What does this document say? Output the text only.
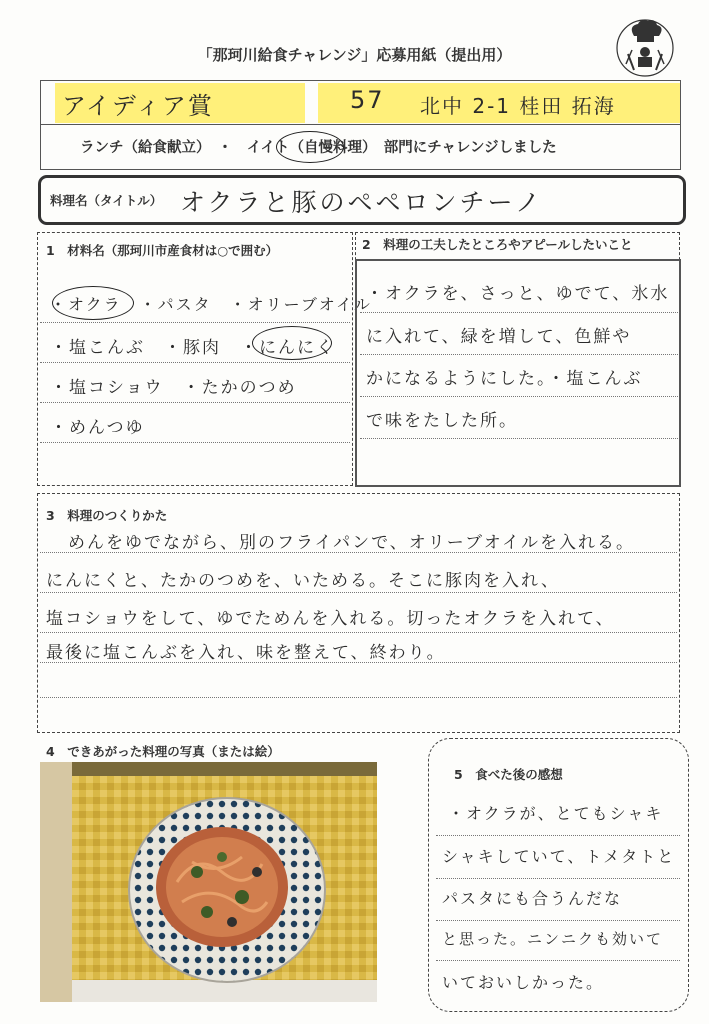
「那珂川給食チャレンジ」応募用紙（提出用）
アイディア賞	57 北中 2-1 桂田 拓海
ランチ（給食献立）　・　イイト（自慢料理）　部門にチャレンジしました
料理名（タイトル） オクラと豚のペペロンチーノ
1　材料名（那珂川市産食材は○で囲む）
・オクラ　・パスタ　・オリーブオイル
・塩こんぶ　・豚肉　・にんにく
・塩コショウ　・たかのつめ
・めんつゆ
2　料理の工夫したところやアピールしたいこと
・オクラを、さっと、ゆでて、氷水
に入れて、緑を増して、色鮮や
かになるようにした。・塩こんぶ
で味をたした所。
3　料理のつくりかた
めんをゆでながら、別のフライパンで、オリーブオイルを入れる。
にんにくと、たかのつめを、いためる。そこに豚肉を入れ、
塩コショウをして、ゆでためんを入れる。切ったオクラを入れて、
最後に塩こんぶを入れ、味を整えて、終わり。
4　できあがった料理の写真（または絵）
5　食べた後の感想
・オクラが、とてもシャキ
シャキしていて、トメタトと
パスタにも合うんだな
と思った。ニンニクも効いて
いておいしかった。
